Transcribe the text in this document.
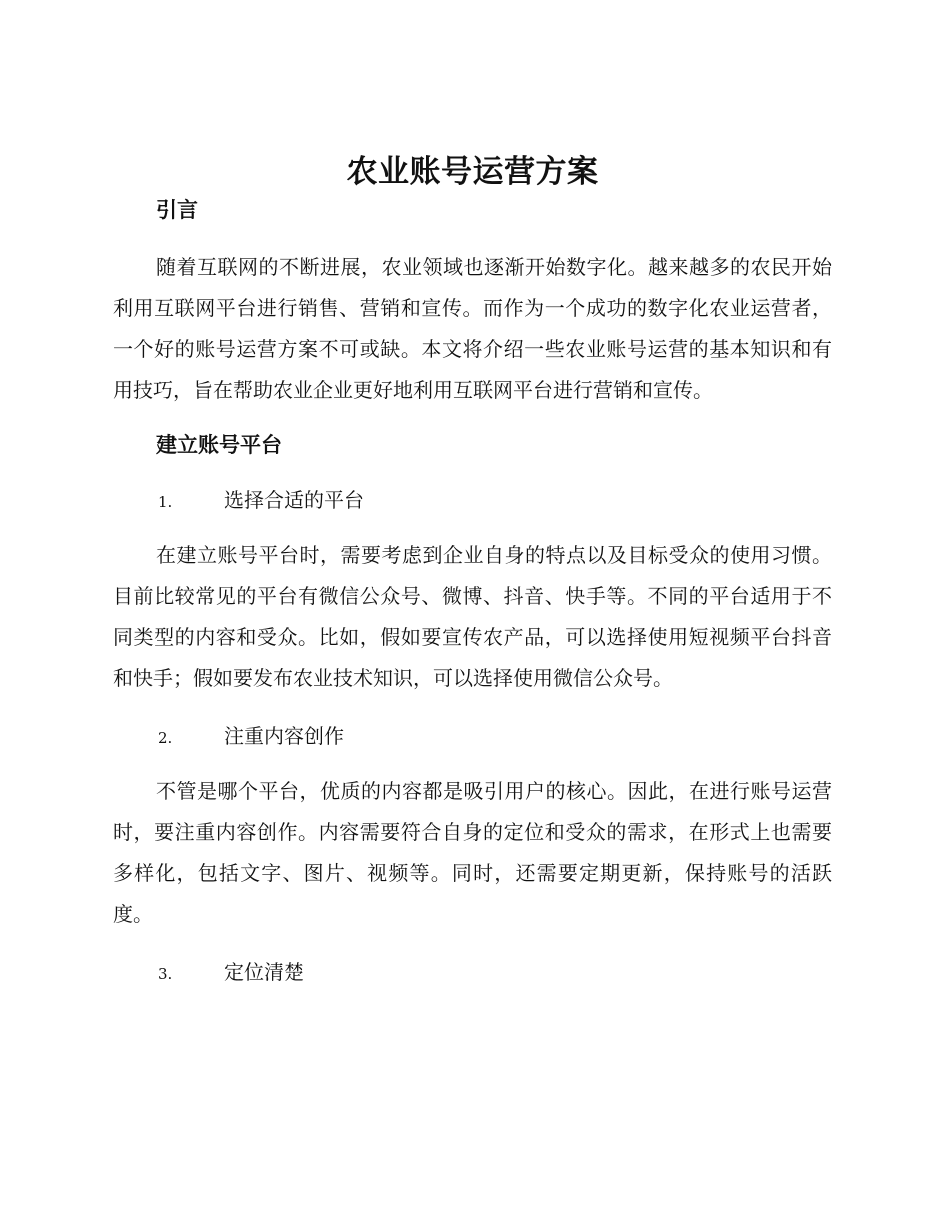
农业账号运营方案
引言

随着互联网的不断进展，农业领域也逐渐开始数字化。越来越多的农民开始利用互联网平台进行销售、营销和宣传。而作为一个成功的数字化农业运营者，一个好的账号运营方案不可或缺。本文将介绍一些农业账号运营的基本知识和有用技巧，旨在帮助农业企业更好地利用互联网平台进行营销和宣传。

建立账号平台
1.	选择合适的平台

在建立账号平台时，需要考虑到企业自身的特点以及目标受众的使用习惯。目前比较常见的平台有微信公众号、微博、抖音、快手等。不同的平台适用于不同类型的内容和受众。比如，假如要宣传农产品，可以选择使用短视频平台抖音和快手；假如要发布农业技术知识，可以选择使用微信公众号。

2.	注重内容创作

不管是哪个平台，优质的内容都是吸引用户的核心。因此，在进行账号运营时，要注重内容创作。内容需要符合自身的定位和受众的需求，在形式上也需要多样化，包括文字、图片、视频等。同时，还需要定期更新，保持账号的活跃度。

3.	定位清楚
